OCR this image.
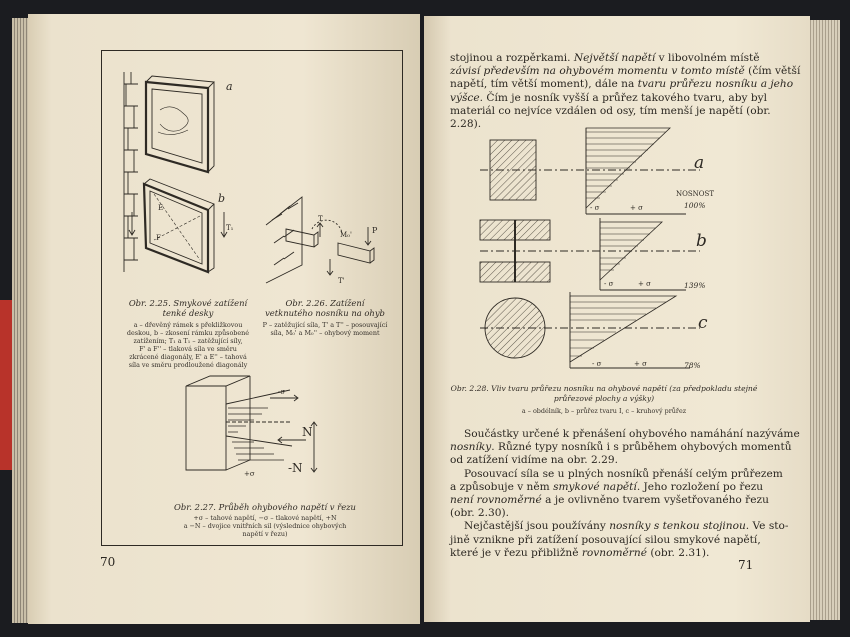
a
b
E
F
T₁
T
T'
P
M₀'
Obr. 2.25. Smykové zatížení
tenké desky
a – dřevěný rámek s překližkovou
deskou, b – zkosení rámku způsobené
zatížením; T₁ a T₁ – zatěžující síly,
F' a F'' – tlaková síla ve směru
zkrácené diagonály, E' a E'' – tahová
síla ve směru prodloužené diagonály
Obr. 2.26. Zatížení
vetknutého nosníku na ohyb
P – zatěžující síla, T' a T'' – posouvající
síla, M₀' a M₀'' – ohybový moment
N
-N
-σ
+σ
Obr. 2.27. Průběh ohybového napětí v řezu
+σ – tahové napětí, −σ – tlakové napětí, +N
a −N – dvojice vnitřních sil (výslednice ohybových
napětí v řezu)
70
stojinou a rozpěrkami. Největší napětí v libovolném místě
závisí především na ohybovém momentu v tomto místě (čím větší
napětí, tím větší moment), dále na tvaru průřezu nosníku a jeho
výšce. Čím je nosník vyšší a průřez takového tvaru, aby byl
materiál co nejvíce vzdálen od osy, tím menší je napětí (obr.
2.28).
a
b
c
NOSNOST
100%
139%
78%
- σ	+ σ
- σ	+ σ
- σ	+ σ
Obr. 2.28. Vliv tvaru průřezu nosníku na ohybové napětí (za předpokladu stejné
průřezové plochy a výšky)
a – obdélník, b – průřez tvaru I, c – kruhový průřez
Součástky určené k přenášení ohybového namáhání nazýváme
nosníky. Různé typy nosníků i s průběhem ohybových momentů
od zatížení vidíme na obr. 2.29.
Posouvací síla se u plných nosníků přenáší celým průřezem
a způsobuje v něm smykové napětí. Jeho rozložení po řezu
není rovnoměrné a je ovlivněno tvarem vyšetřovaného řezu
(obr. 2.30).
Nejčastější jsou používány nosníky s tenkou stojinou. Ve sto-
jině vznikne při zatížení posouvající silou smykové napětí,
které je v řezu přibližně rovnoměrné (obr. 2.31).
71
